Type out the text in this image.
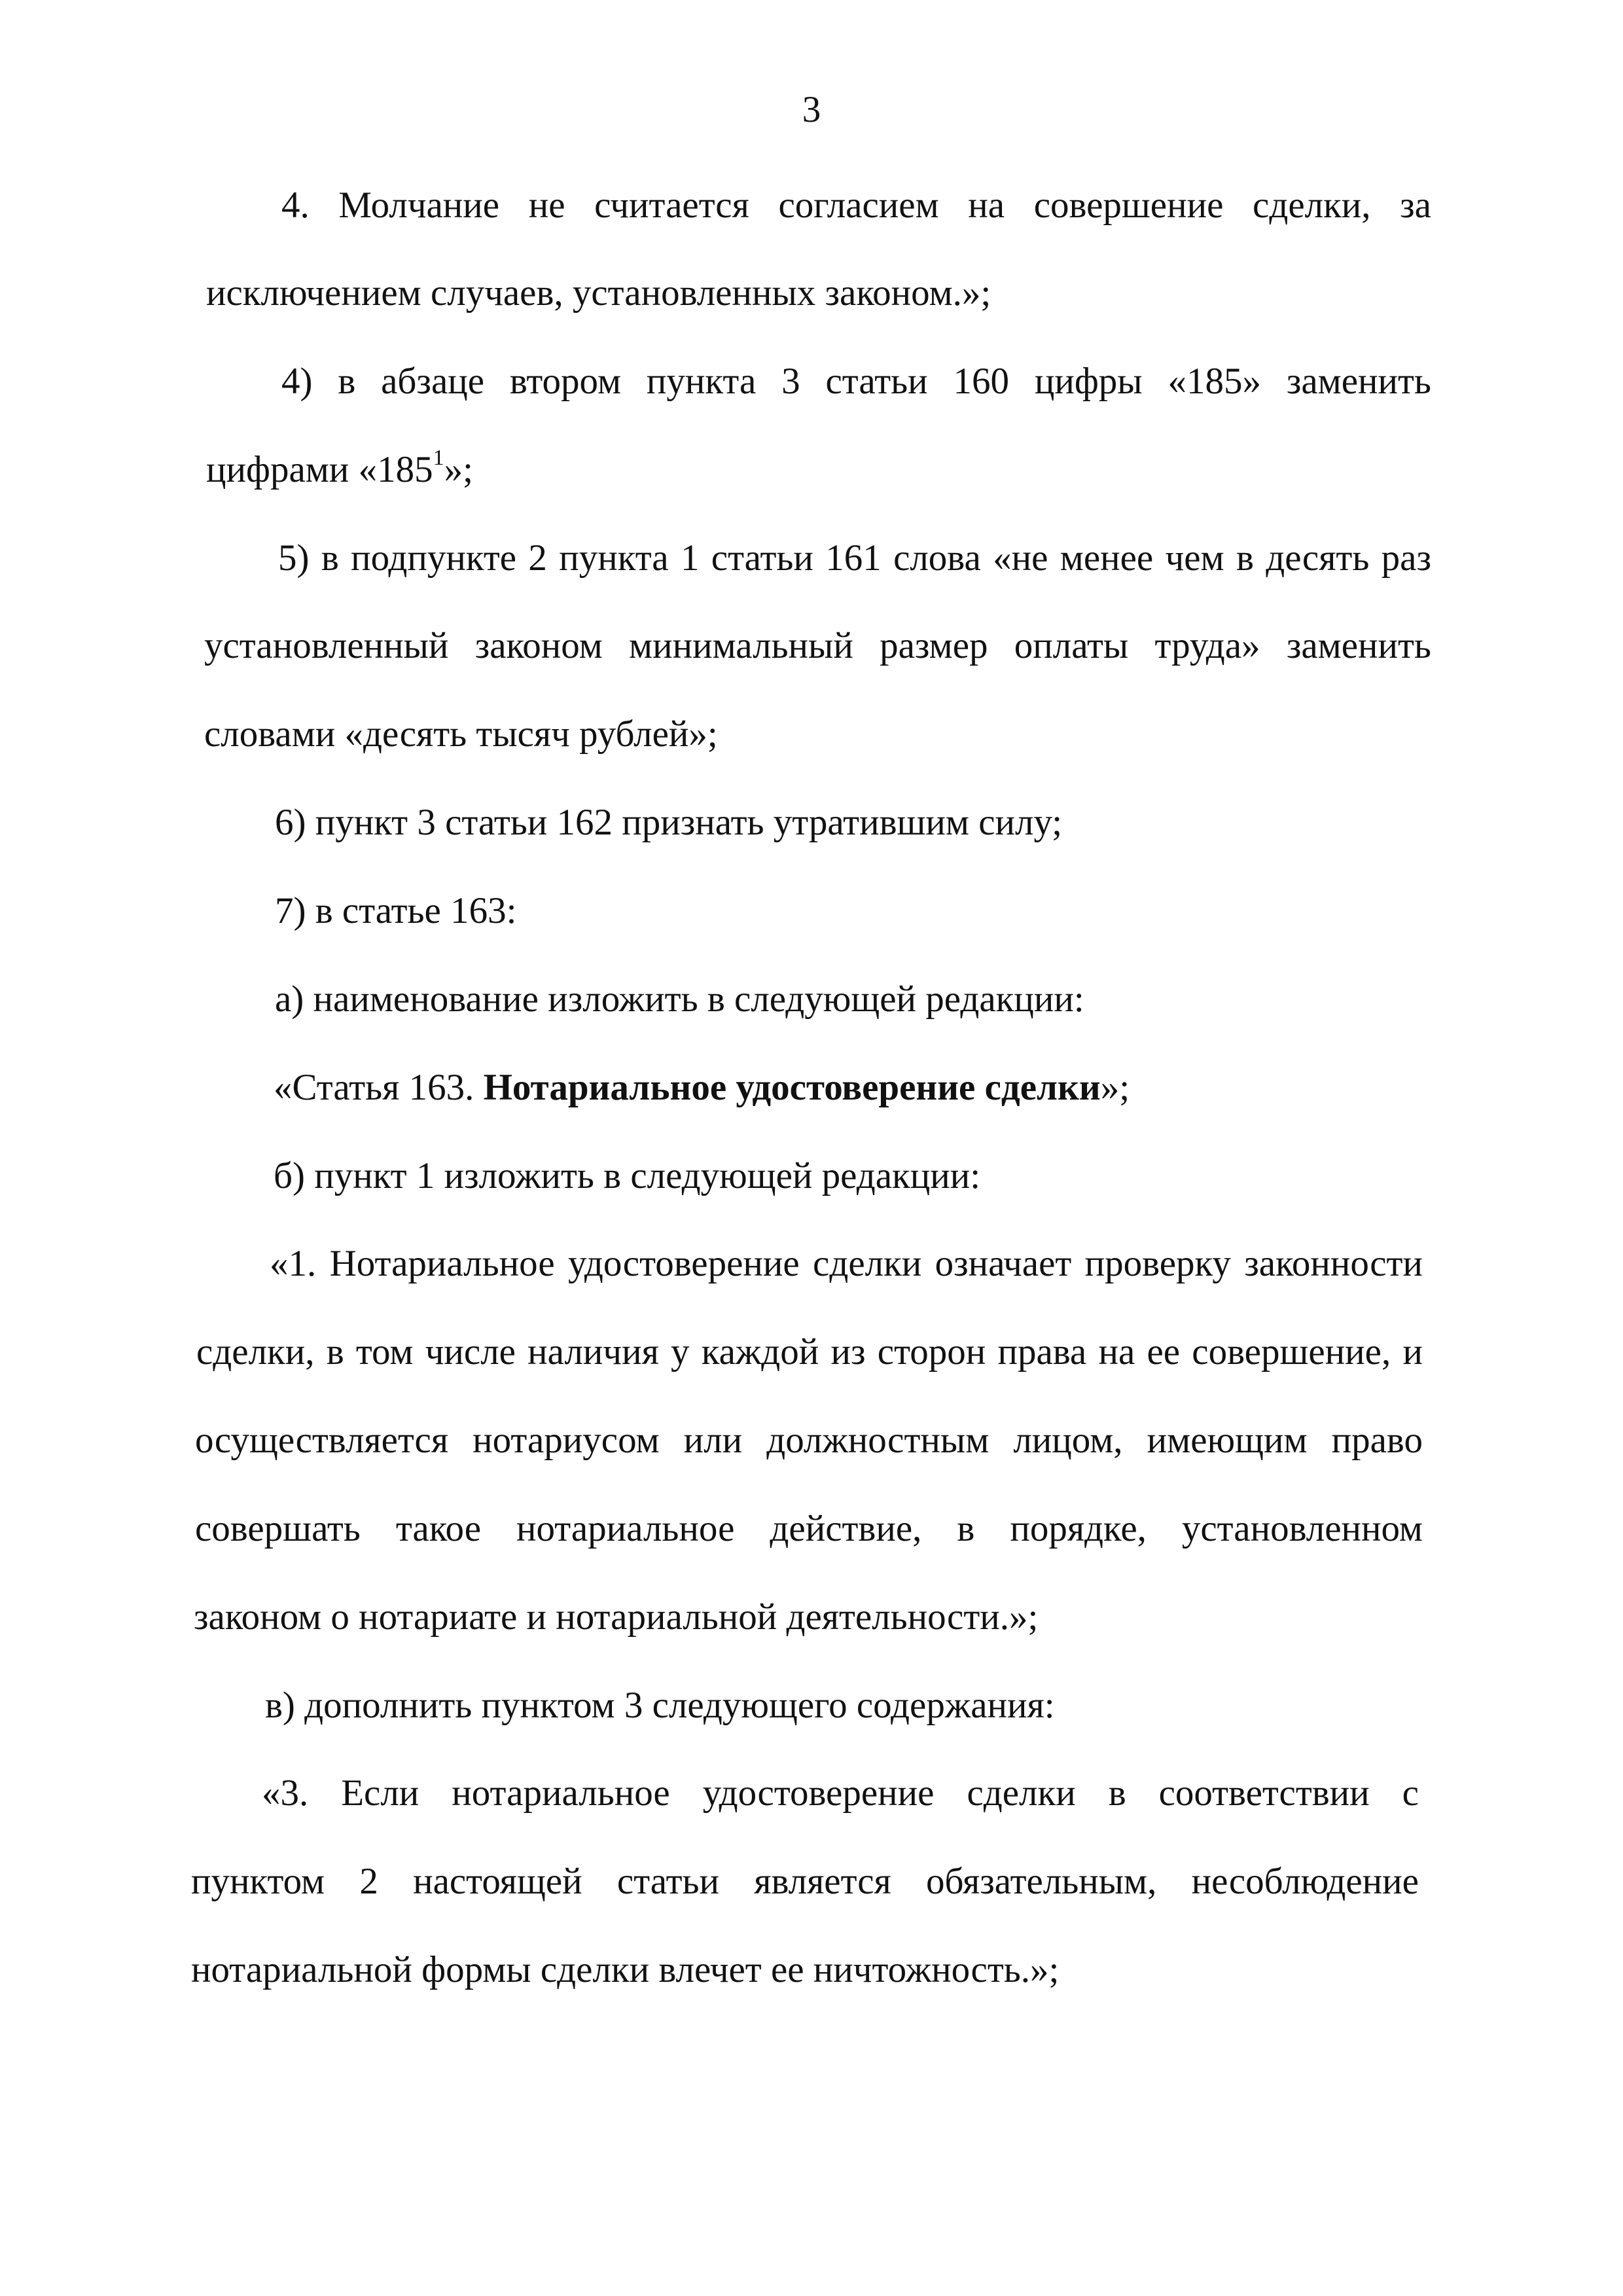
3
4. Молчание не считается согласием на совершение сделки, за
исключением случаев, установленных законом.»;
4) в абзаце втором пункта 3 статьи 160 цифры «185» заменить
цифрами «$185^1$»;
5) в подпункте 2 пункта 1 статьи 161 слова «не менее чем в десять раз
установленный законом минимальный размер оплаты труда» заменить
словами «десять тысяч рублей»;
6) пункт 3 статьи 162 признать утратившим силу;
7) в статье 163:
а) наименование изложить в следующей редакции:
«Статья 163. Нотариальное удостоверение сделки»;
б) пункт 1 изложить в следующей редакции:
«1. Нотариальное удостоверение сделки означает проверку законности
сделки, в том числе наличия у каждой из сторон права на ее совершение, и
осуществляется нотариусом или должностным лицом, имеющим право
совершать такое нотариальное действие, в порядке, установленном
законом о нотариате и нотариальной деятельности.»;
в) дополнить пунктом 3 следующего содержания:
«3. Если нотариальное удостоверение сделки в соответствии с
пунктом 2 настоящей статьи является обязательным, несоблюдение
нотариальной формы сделки влечет ее ничтожность.»;
